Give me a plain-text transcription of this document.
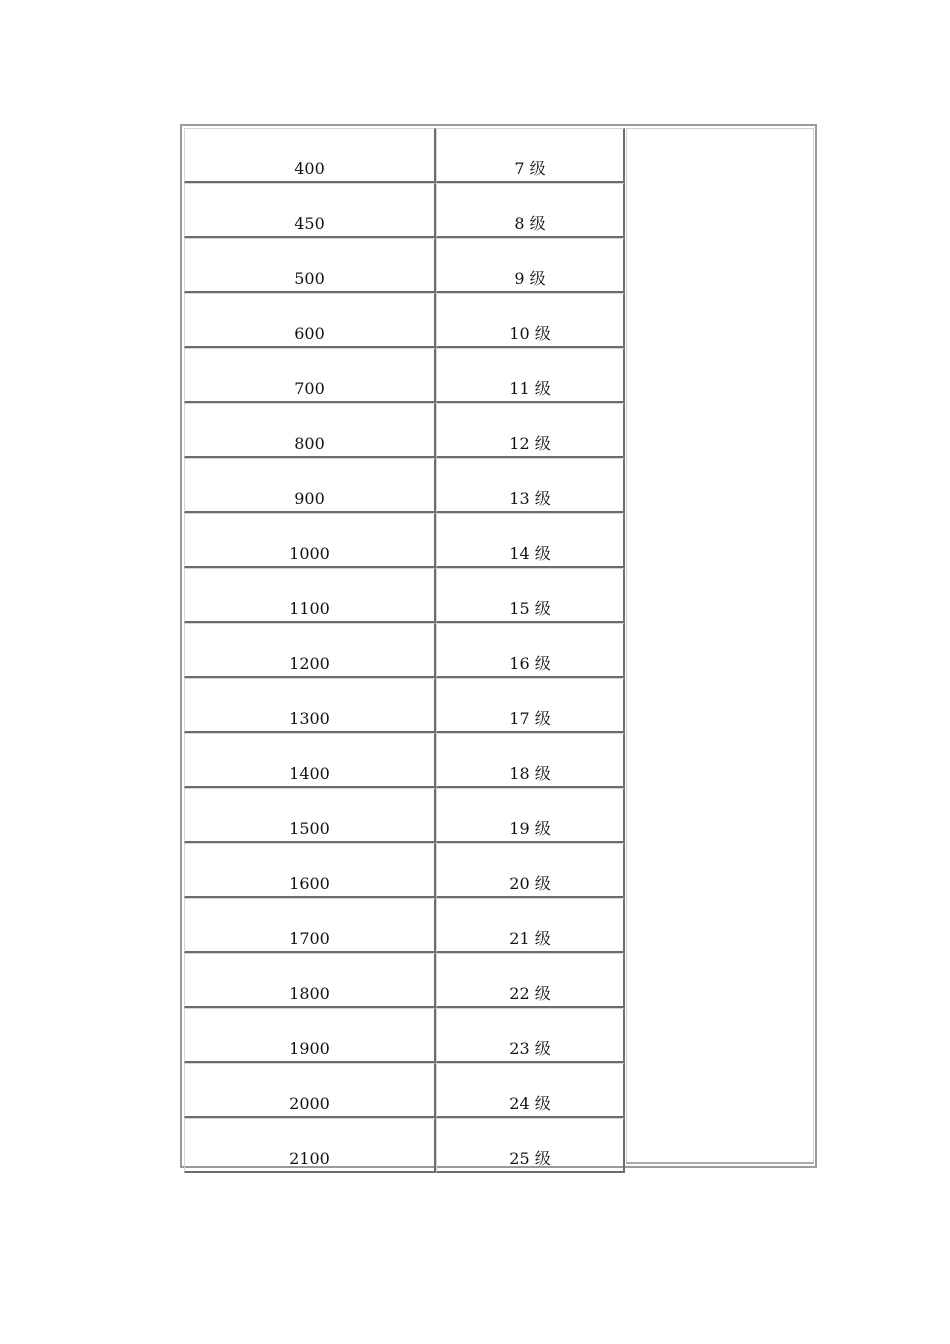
400	7 级
450	8 级
500	9 级
600	10 级
700	11 级
800	12 级
900	13 级
1000	14 级
1100	15 级
1200	16 级
1300	17 级
1400	18 级
1500	19 级
1600	20 级
1700	21 级
1800	22 级
1900	23 级
2000	24 级
2100	25 级
